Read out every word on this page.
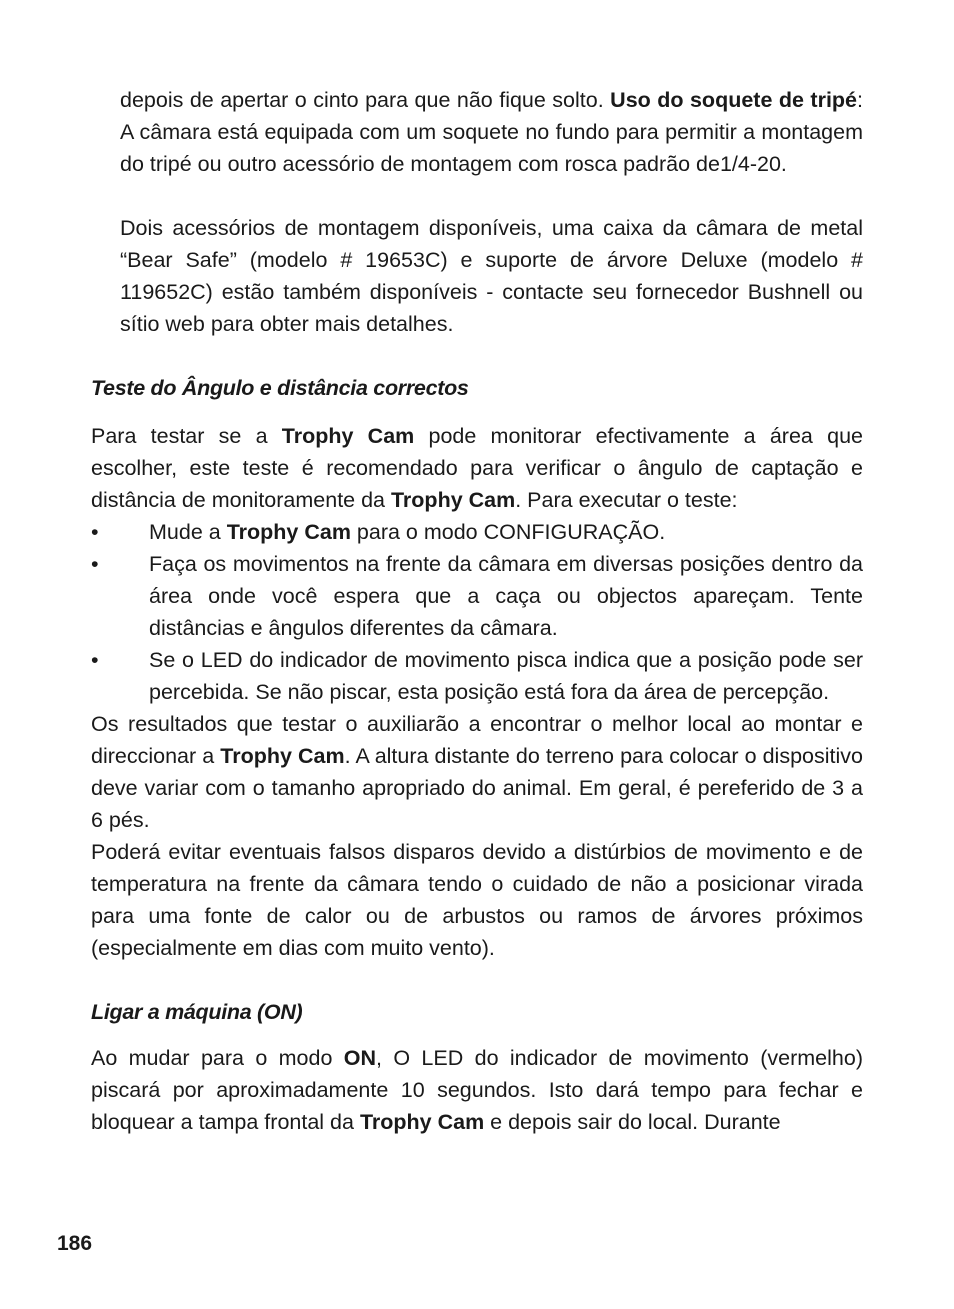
depois de apertar o cinto para que não fique solto. Uso do soquete de tripé: A câmara está equipada com um soquete no fundo para permitir a montagem do tripé ou outro acessório de montagem com rosca padrão de1/4-20.

Dois acessórios de montagem disponíveis, uma caixa da câmara de metal “Bear Safe” (modelo # 19653C) e suporte de árvore Deluxe (modelo # 119652C) estão também disponíveis - contacte seu fornecedor Bushnell ou sítio web para obter mais detalhes.

Teste do Ângulo e distância correctos

Para testar se a Trophy Cam pode monitorar efectivamente a área que escolher, este teste é recomendado para verificar o ângulo de captação e distância de monitoramente da Trophy Cam. Para executar o teste:

• Mude a Trophy Cam para o modo CONFIGURAÇÃO.
• Faça os movimentos na frente da câmara em diversas posições dentro da área onde você espera que a caça ou objectos apareçam. Tente distâncias e ângulos diferentes da câmara.
• Se o LED do indicador de movimento pisca indica que a posição pode ser percebida. Se não piscar, esta posição está fora da área de percepção.

Os resultados que testar o auxiliarão a encontrar o melhor local ao montar e direccionar a Trophy Cam. A altura distante do terreno para colocar o dispositivo deve variar com o tamanho apropriado do animal. Em geral, é pereferido de 3 a 6 pés.

Poderá evitar eventuais falsos disparos devido a distúrbios de movimento e de temperatura na frente da câmara tendo o cuidado de não a posicionar virada para uma fonte de calor ou de arbustos ou ramos de árvores próximos (especialmente em dias com muito vento).

Ligar a máquina (ON)

Ao mudar para o modo ON, O LED do indicador de movimento (vermelho) piscará por aproximadamente 10 segundos. Isto dará tempo para fechar e bloquear a tampa frontal da Trophy Cam e depois sair do local. Durante

186
